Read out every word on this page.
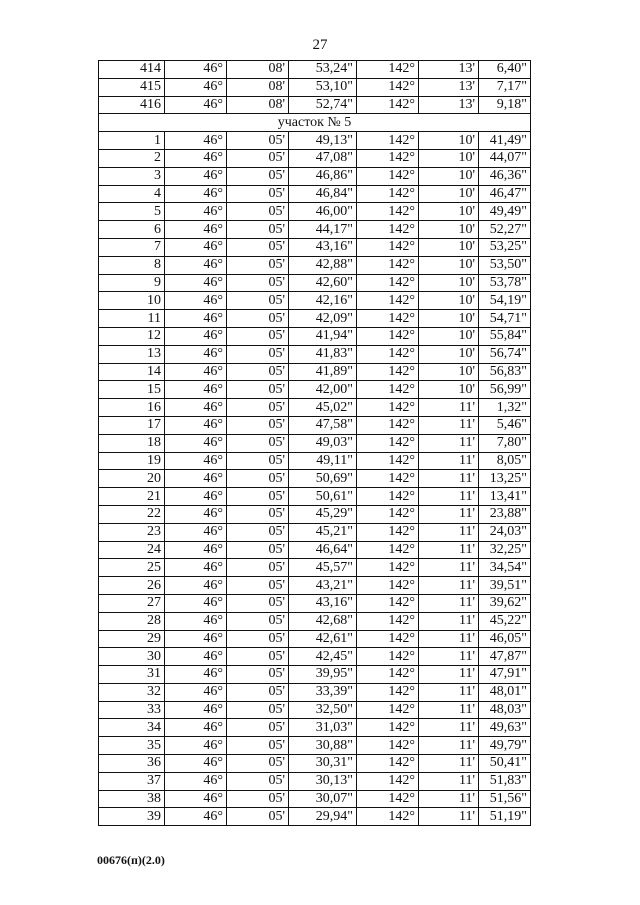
27
414	46°	08'	53,24"	142°	13'	6,40"
415	46°	08'	53,10"	142°	13'	7,17"
416	46°	08'	52,74"	142°	13'	9,18"
участок № 5						
1	46°	05'	49,13"	142°	10'	41,49"
2	46°	05'	47,08"	142°	10'	44,07"
3	46°	05'	46,86"	142°	10'	46,36"
4	46°	05'	46,84"	142°	10'	46,47"
5	46°	05'	46,00"	142°	10'	49,49"
6	46°	05'	44,17"	142°	10'	52,27"
7	46°	05'	43,16"	142°	10'	53,25"
8	46°	05'	42,88"	142°	10'	53,50"
9	46°	05'	42,60"	142°	10'	53,78"
10	46°	05'	42,16"	142°	10'	54,19"
11	46°	05'	42,09"	142°	10'	54,71"
12	46°	05'	41,94"	142°	10'	55,84"
13	46°	05'	41,83"	142°	10'	56,74"
14	46°	05'	41,89"	142°	10'	56,83"
15	46°	05'	42,00"	142°	10'	56,99"
16	46°	05'	45,02"	142°	11'	1,32"
17	46°	05'	47,58"	142°	11'	5,46"
18	46°	05'	49,03"	142°	11'	7,80"
19	46°	05'	49,11"	142°	11'	8,05"
20	46°	05'	50,69"	142°	11'	13,25"
21	46°	05'	50,61"	142°	11'	13,41"
22	46°	05'	45,29"	142°	11'	23,88"
23	46°	05'	45,21"	142°	11'	24,03"
24	46°	05'	46,64"	142°	11'	32,25"
25	46°	05'	45,57"	142°	11'	34,54"
26	46°	05'	43,21"	142°	11'	39,51"
27	46°	05'	43,16"	142°	11'	39,62"
28	46°	05'	42,68"	142°	11'	45,22"
29	46°	05'	42,61"	142°	11'	46,05"
30	46°	05'	42,45"	142°	11'	47,87"
31	46°	05'	39,95"	142°	11'	47,91"
32	46°	05'	33,39"	142°	11'	48,01"
33	46°	05'	32,50"	142°	11'	48,03"
34	46°	05'	31,03"	142°	11'	49,63"
35	46°	05'	30,88"	142°	11'	49,79"
36	46°	05'	30,31"	142°	11'	50,41"
37	46°	05'	30,13"	142°	11'	51,83"
38	46°	05'	30,07"	142°	11'	51,56"
39	46°	05'	29,94"	142°	11'	51,19"
00676(п)(2.0)
